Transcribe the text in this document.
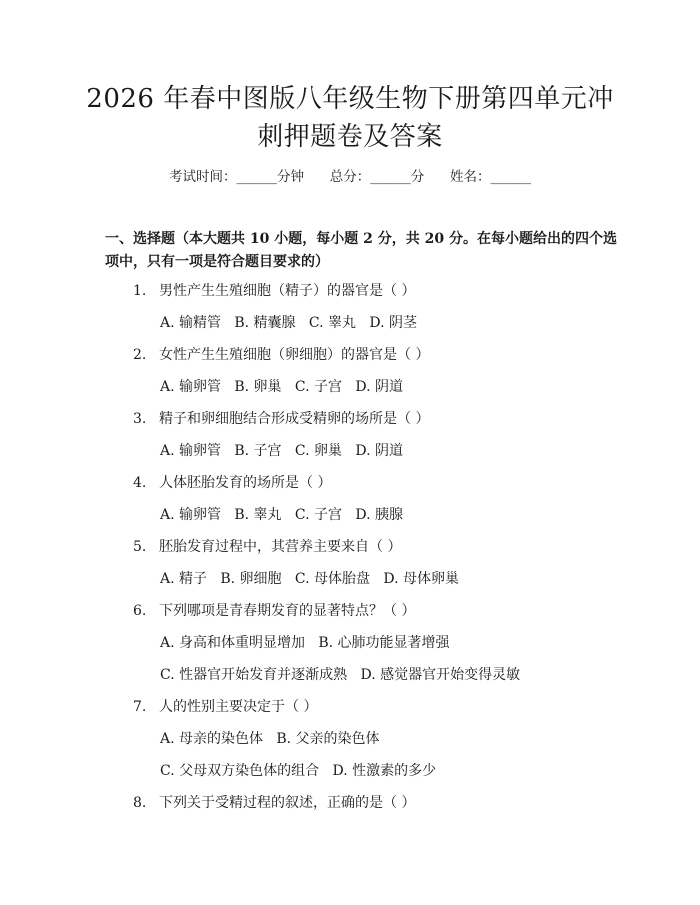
2026 年春中图版八年级生物下册第四单元冲
刺押题卷及答案
考试时间：______分钟      总分：______分      姓名：______
一、选择题（本大题共 10 小题，每小题 2 分，共 20 分。在每小题给出的四个选
项中，只有一项是符合题目要求的）
1. 男性产生生殖细胞（精子）的器官是（ ）
A. 输精管   B. 精囊腺   C. 睾丸   D. 阴茎
2. 女性产生生殖细胞（卵细胞）的器官是（ ）
A. 输卵管   B. 卵巢   C. 子宫   D. 阴道
3. 精子和卵细胞结合形成受精卵的场所是（ ）
A. 输卵管   B. 子宫   C. 卵巢   D. 阴道
4. 人体胚胎发育的场所是（ ）
A. 输卵管   B. 睾丸   C. 子宫   D. 胰腺
5. 胚胎发育过程中，其营养主要来自（ ）
A. 精子   B. 卵细胞   C. 母体胎盘   D. 母体卵巢
6. 下列哪项是青春期发育的显著特点？（ ）
A. 身高和体重明显增加   B. 心肺功能显著增强
C. 性器官开始发育并逐渐成熟   D. 感觉器官开始变得灵敏
7. 人的性别主要决定于（ ）
A. 母亲的染色体   B. 父亲的染色体
C. 父母双方染色体的组合   D. 性激素的多少
8. 下列关于受精过程的叙述，正确的是（ ）
